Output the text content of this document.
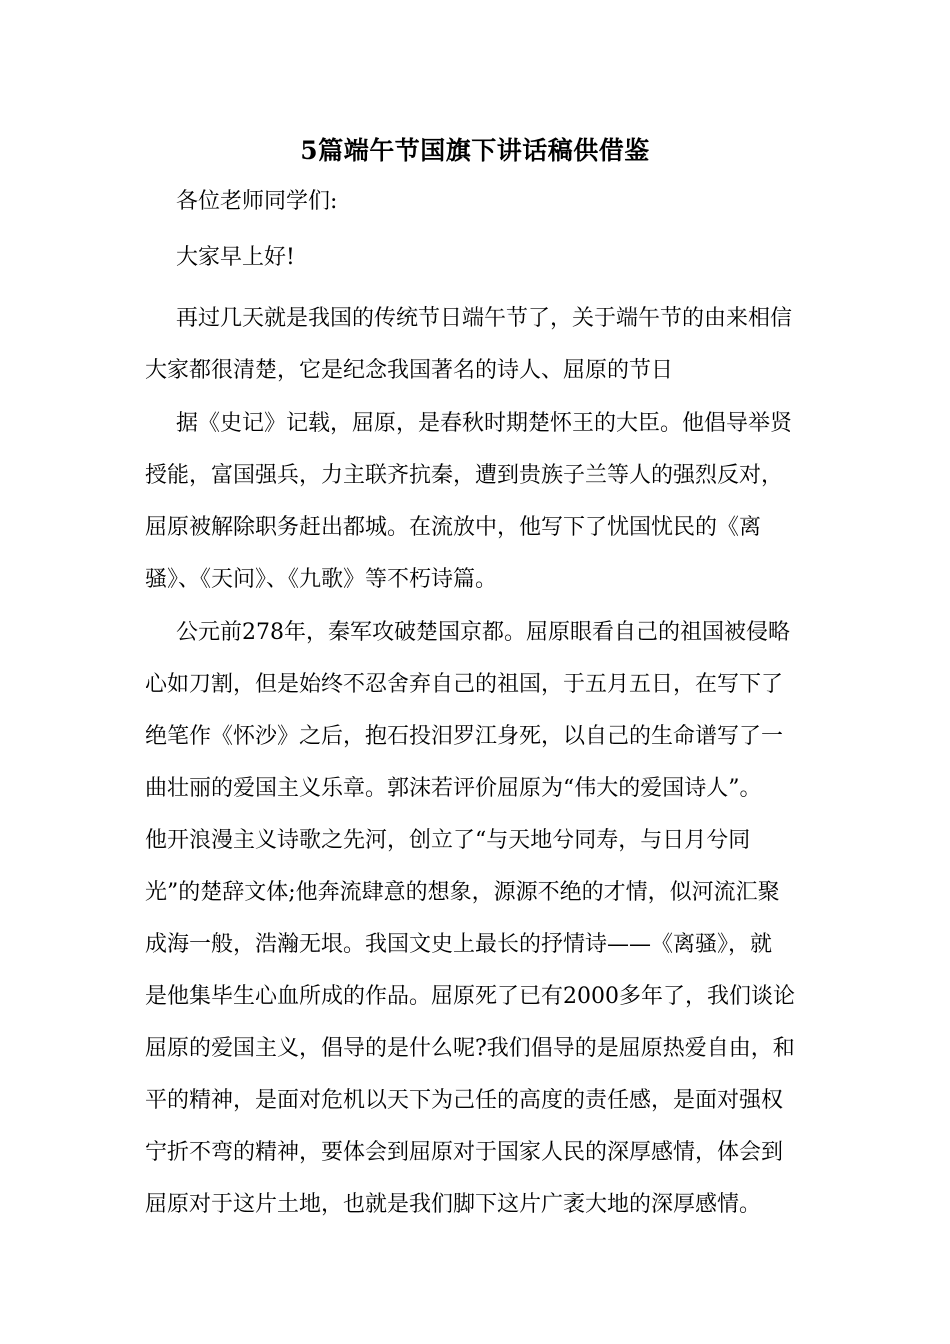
5篇端午节国旗下讲话稿供借鉴
各位老师同学们:
大家早上好!
再过几天就是我国的传统节日端午节了，关于端午节的由来相信
大家都很清楚，它是纪念我国著名的诗人、屈原的节日
据《史记》记载，屈原，是春秋时期楚怀王的大臣。他倡导举贤
授能，富国强兵，力主联齐抗秦，遭到贵族子兰等人的强烈反对，
屈原被解除职务赶出都城。在流放中，他写下了忧国忧民的《离
骚》、《天问》、《九歌》等不朽诗篇。
公元前278年，秦军攻破楚国京都。屈原眼看自己的祖国被侵略
心如刀割，但是始终不忍舍弃自己的祖国，于五月五日，在写下了
绝笔作《怀沙》之后，抱石投汨罗江身死，以自己的生命谱写了一
曲壮丽的爱国主义乐章。郭沫若评价屈原为“伟大的爱国诗人”。
他开浪漫主义诗歌之先河，创立了“与天地兮同寿，与日月兮同
光”的楚辞文体;他奔流肆意的想象，源源不绝的才情，似河流汇聚
成海一般，浩瀚无垠。我国文史上最长的抒情诗——《离骚》，就
是他集毕生心血所成的作品。屈原死了已有2000多年了，我们谈论
屈原的爱国主义，倡导的是什么呢?我们倡导的是屈原热爱自由，和
平的精神，是面对危机以天下为己任的高度的责任感，是面对强权
宁折不弯的精神，要体会到屈原对于国家人民的深厚感情，体会到
屈原对于这片土地，也就是我们脚下这片广袤大地的深厚感情。
